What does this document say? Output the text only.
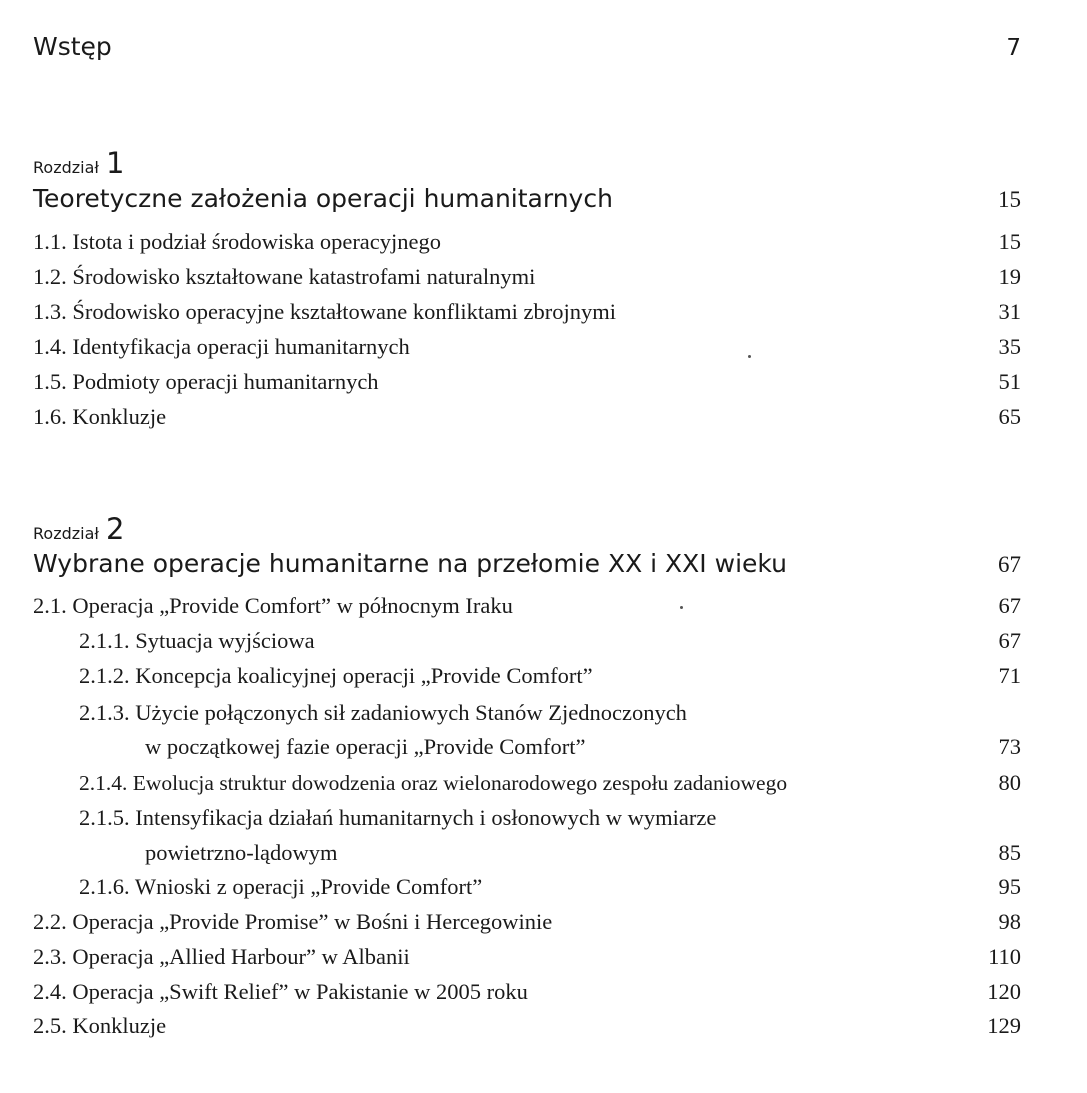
Wstęp	7
Rozdział 1
Teoretyczne założenia operacji humanitarnych	15
1.1. Istota i podział środowiska operacyjnego	15
1.2. Środowisko kształtowane katastrofami naturalnymi	19
1.3. Środowisko operacyjne kształtowane konfliktami zbrojnymi	31
1.4. Identyfikacja operacji humanitarnych	35
1.5. Podmioty operacji humanitarnych	51
1.6. Konkluzje	65
Rozdział 2
Wybrane operacje humanitarne na przełomie XX i XXI wieku	67
2.1. Operacja „Provide Comfort” w północnym Iraku	67
2.1.1. Sytuacja wyjściowa	67
2.1.2. Koncepcja koalicyjnej operacji „Provide Comfort”	71
2.1.3. Użycie połączonych sił zadaniowych Stanów Zjednoczonych
w początkowej fazie operacji „Provide Comfort”	73
2.1.4. Ewolucja struktur dowodzenia oraz wielonarodowego zespołu zadaniowego	80
2.1.5. Intensyfikacja działań humanitarnych i osłonowych w wymiarze
powietrzno-lądowym	85
2.1.6. Wnioski z operacji „Provide Comfort”	95
2.2. Operacja „Provide Promise” w Bośni i Hercegowinie	98
2.3. Operacja „Allied Harbour” w Albanii	110
2.4. Operacja „Swift Relief” w Pakistanie w 2005 roku	120
2.5. Konkluzje	129
